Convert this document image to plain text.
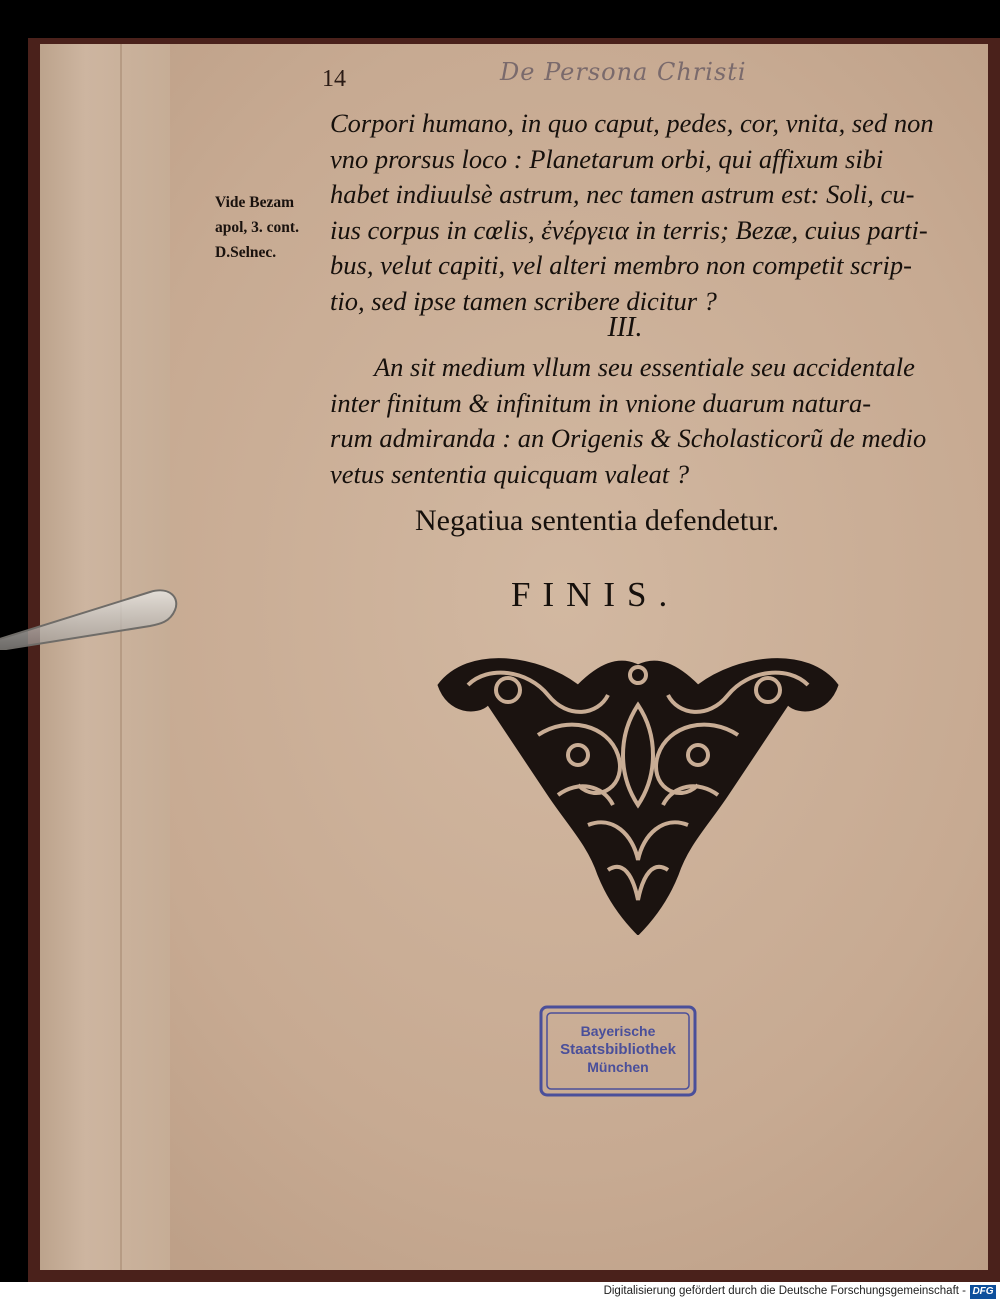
14	De Persona Christi
Corpori humano, in quo caput, pedes, cor, vnita, sed non
vno prorsus loco : Planetarum orbi, qui affixum sibi
habet indiuulsè astrum, nec tamen astrum est: Soli, cu-
ius corpus in cœlis, ἐνέργεια in terris; Bezæ, cuius parti-
bus, velut capiti, vel alteri membro non competit scrip-
tio, sed ipse tamen scribere dicitur ?
Vide Bezam
apol, 3. cont.
D.Selnec.
III.
An sit medium vllum seu essentiale seu accidentale
inter finitum & infinitum in vnione duarum natura-
rum admiranda : an Origenis & Scholasticorũ de medio
vetus sententia quicquam valeat ?
Negatiua sententia defendetur.
FINIS.
Bayerische
Staatsbibliothek
München
Digitalisierung gefördert durch die Deutsche Forschungsgemeinschaft - DFG
